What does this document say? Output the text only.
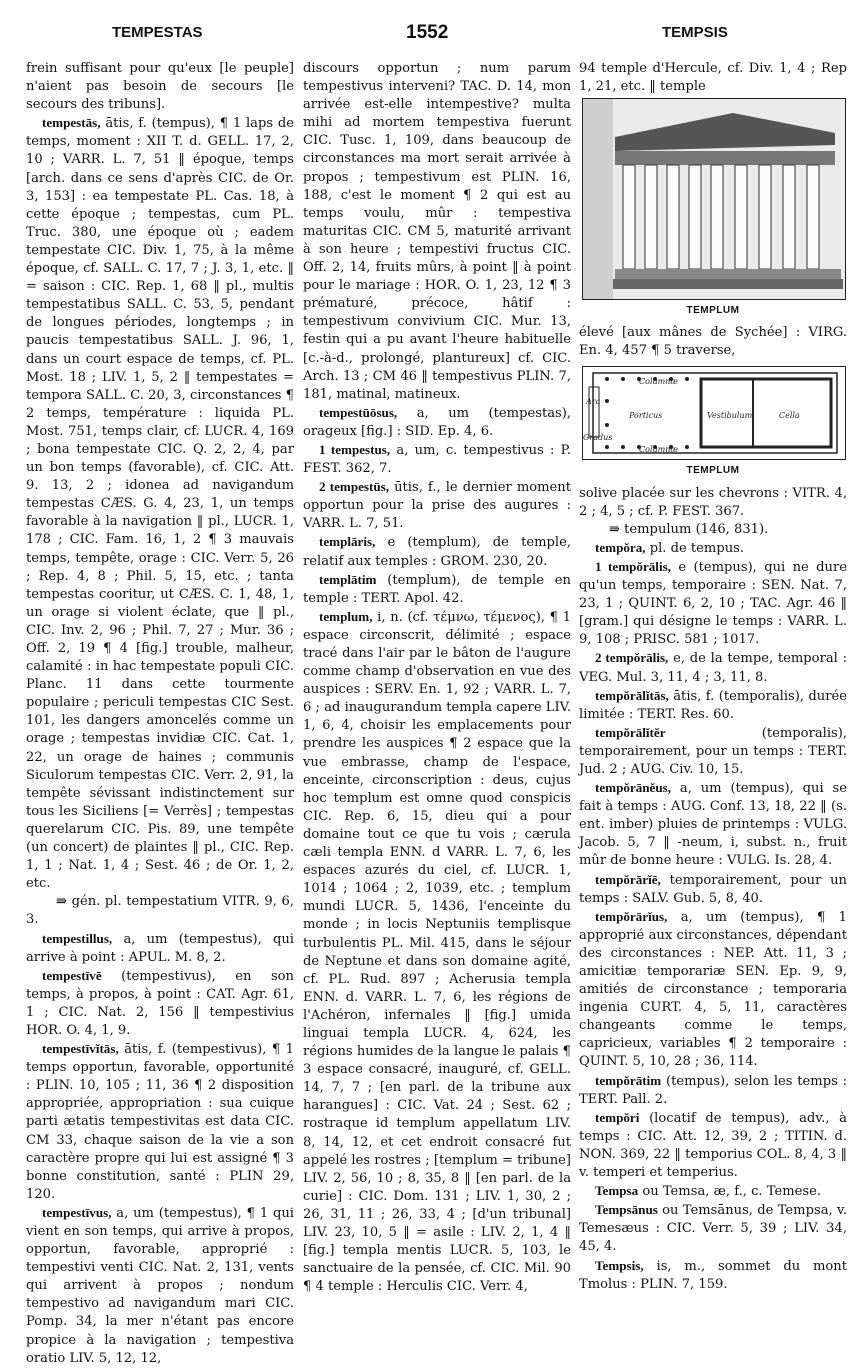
TEMPESTAS	1552	TEMPSIS

frein suffisant pour qu'eux [le peuple] n'aient pas besoin de secours [le secours des tribuns].

tempestās, ātis, f. (tempus), ¶ 1 laps de temps, moment : XII T. d. GELL. 17, 2, 10 ; VARR. L. 7, 51 ‖ époque, temps [arch. dans ce sens d'après CIC. de Or. 3, 153] : ea tempestate PL. Cas. 18, à cette époque ; tempestas, cum PL. Truc. 380, une époque où ; eadem tempestate CIC. Div. 1, 75, à la même époque, cf. SALL. C. 17, 7 ; J. 3, 1, etc. ‖ = saison : CIC. Rep. 1, 68 ‖ pl., multis tempestatibus SALL. C. 53, 5, pendant de longues périodes, longtemps ; in paucis tempestatibus SALL. J. 96, 1, dans un court espace de temps, cf. PL. Most. 18 ; LIV. 1, 5, 2 ‖ tempestates = tempora SALL. C. 20, 3, circonstances ¶ 2 temps, température : liquida PL. Most. 751, temps clair, cf. LUCR. 4, 169 ; bona tempestate CIC. Q. 2, 2, 4, par un bon temps (favorable), cf. CIC. Att. 9. 13, 2 ; idonea ad navigandum tempestas CÆS. G. 4, 23, 1, un temps favorable à la navigation ‖ pl., LUCR. 1, 178 ; CIC. Fam. 16, 1, 2 ¶ 3 mauvais temps, tempête, orage : CIC. Verr. 5, 26 ; Rep. 4, 8 ; Phil. 5, 15, etc. ; tanta tempestas cooritur, ut CÆS. C. 1, 48, 1, un orage si violent éclate, que ‖ pl., CIC. Inv. 2, 96 ; Phil. 7, 27 ; Mur. 36 ; Off. 2, 19 ¶ 4 [fig.] trouble, malheur, calamité : in hac tempestate populi CIC. Planc. 11 dans cette tourmente populaire ; periculi tempestas CIC Sest. 101, les dangers amoncelés comme un orage ; tempestas invidiæ CIC. Cat. 1, 22, un orage de haines ; communis Siculorum tempestas CIC. Verr. 2, 91, la tempête sévissant indistinctement sur tous les Siciliens [= Verrès] ; tempestas querelarum CIC. Pis. 89, une tempête (un concert) de plaintes ‖ pl., CIC. Rep. 1, 1 ; Nat. 1, 4 ; Sest. 46 ; de Or. 1, 2, etc.

⇛ gén. pl. tempestatium VITR. 9, 6, 3.

tempestillus, a, um (tempestus), qui arrive à point : APUL. M. 8, 2.

tempestīvē (tempestivus), en son temps, à propos, à point : CAT. Agr. 61, 1 ; CIC. Nat. 2, 156 ‖ tempestivius HOR. O. 4, 1, 9.

tempestīvĭtās, ātis, f. (tempestivus), ¶ 1 temps opportun, favorable, opportunité : PLIN. 10, 105 ; 11, 36 ¶ 2 disposition appropriée, appropriation : sua cuique parti ætatis tempestivitas est data CIC. CM 33, chaque saison de la vie a son caractère propre qui lui est assigné ¶ 3 bonne constitution, santé : PLIN 29, 120.

tempestīvus, a, um (tempestus), ¶ 1 qui vient en son temps, qui arrive à propos, opportun, favorable, approprié : tempestivi venti CIC. Nat. 2, 131, vents qui arrivent à propos ; nondum tempestivo ad navigandum mari CIC. Pomp. 34, la mer n'étant pas encore propice à la navigation ; tempestiva oratio LIV. 5, 12, 12,

discours opportun ; num parum tempestivus interveni? TAC. D. 14, mon arrivée est-elle intempestive? multa mihi ad mortem tempestiva fuerunt CIC. Tusc. 1, 109, dans beaucoup de circonstances ma mort serait arrivée à propos ; tempestivum est PLIN. 16, 188, c'est le moment ¶ 2 qui est au temps voulu, mûr : tempestiva maturitas CIC. CM 5, maturité arrivant à son heure ; tempestivi fructus CIC. Off. 2, 14, fruits mûrs, à point ‖ à point pour le mariage : HOR. O. 1, 23, 12 ¶ 3 prématuré, précoce, hâtif : tempestivum convivium CIC. Mur. 13, festin qui a pu avant l'heure habituelle [c.-à-d., prolongé, plantureux] cf. CIC. Arch. 13 ; CM 46 ‖ tempestivus PLIN. 7, 181, matinal, matineux.

tempestūōsus, a, um (tempestas), orageux [fig.] : SID. Ep. 4, 6.

1 tempestus, a, um, c. tempestivus : P. FEST. 362, 7.

2 tempestūs, ūtis, f., le dernier moment opportun pour la prise des augures : VARR. L. 7, 51.

templāris, e (templum), de temple, relatif aux temples : GROM. 230, 20.

templātim (templum), de temple en temple : TERT. Apol. 42.

templum, i, n. (cf. τέμνω, τέμενος), ¶ 1 espace circonscrit, délimité ; espace tracé dans l'air par le bâton de l'augure comme champ d'observation en vue des auspices : SERV. En. 1, 92 ; VARR. L. 7, 6 ; ad inaugurandum templa capere LIV. 1, 6, 4, choisir les emplacements pour prendre les auspices ¶ 2 espace que la vue embrasse, champ de l'espace, enceinte, circonscription : deus, cujus hoc templum est omne quod conspicis CIC. Rep. 6, 15, dieu qui a pour domaine tout ce que tu vois ; cærula cæli templa ENN. d VARR. L. 7, 6, les espaces azurés du ciel, cf. LUCR. 1, 1014 ; 1064 ; 2, 1039, etc. ; templum mundi LUCR. 5, 1436, l'enceinte du monde ; in locis Neptuniis templisque turbulentis PL. Mil. 415, dans le séjour de Neptune et dans son domaine agité, cf. PL. Rud. 897 ; Acherusia templa ENN. d. VARR. L. 7, 6, les régions de l'Achéron, infernales ‖ [fig.] umida linguai templa LUCR. 4, 624, les régions humides de la langue le palais ¶ 3 espace consacré, inauguré, cf. GELL. 14, 7, 7 ; [en parl. de la tribune aux harangues] : CIC. Vat. 24 ; Sest. 62 ; rostraque id templum appellatum LIV. 8, 14, 12, et cet endroit consacré fut appelé les rostres ; [templum = tribune] LIV. 2, 56, 10 ; 8, 35, 8 ‖ [en parl. de la curie] : CIC. Dom. 131 ; LIV. 1, 30, 2 ; 26, 31, 11 ; 26, 33, 4 ; [d'un tribunal] LIV. 23, 10, 5 ‖ = asile : LIV. 2, 1, 4 ‖ [fig.] templa mentis LUCR. 5, 103, le sanctuaire de la pensée, cf. CIC. Mil. 90 ¶ 4 temple : Herculis CIC. Verr. 4,

94 temple d'Hercule, cf. Div. 1, 4 ; Rep 1, 21, etc. ‖ temple

TEMPLUM

élevé [aux mânes de Sychée] : VIRG. En. 4, 457 ¶ 5 traverse,

Columnæ
Columnæ
Porticus	Vestibulum	Cella
Ara
Gradus
TEMPLUM

solive placée sur les chevrons : VITR. 4, 2 ; 4, 5 ; cf. P. FEST. 367.

⇛ tempulum (146, 831).

tempŏra, pl. de tempus.

1 tempŏrālis, e (tempus), qui ne dure qu'un temps, temporaire : SEN. Nat. 7, 23, 1 ; QUINT. 6, 2, 10 ; TAC. Agr. 46 ‖ [gram.] qui désigne le temps : VARR. L. 9, 108 ; PRISC. 581 ; 1017.

2 tempŏrālis, e, de la tempe, temporal : VEG. Mul. 3, 11, 4 ; 3, 11, 8.

tempŏrālĭtās, ātis, f. (temporalis), durée limitée : TERT. Res. 60.

tempŏrālĭtĕr	(temporalis), temporairement, pour un temps : TERT. Jud. 2 ; AUG. Civ. 10, 15.

tempŏrānĕus, a, um (tempus), qui se fait à temps : AUG. Conf. 13, 18, 22 ‖ (s. ent. imber) pluies de printemps : VULG. Jacob. 5, 7 ‖ -neum, i, subst. n., fruit mûr de bonne heure : VULG. Is. 28, 4.

tempŏrārĭē, temporairement, pour un temps : SALV. Gub. 5, 8, 40.

tempŏrārĭus, a, um (tempus), ¶ 1 approprié aux circonstances, dépendant des circonstances : NEP. Att. 11, 3 ; amicitiæ temporariæ SEN. Ep. 9, 9, amitiés de circonstance ; temporaria ingenia CURT. 4, 5, 11, caractères changeants comme le temps, capricieux, variables ¶ 2 temporaire : QUINT. 5, 10, 28 ; 36, 114.

tempŏrātim (tempus), selon les temps : TERT. Pall. 2.

tempŏri (locatif de tempus), adv., à temps : CIC. Att. 12, 39, 2 ; TITIN. d. NON. 369, 22 ‖ temporius COL. 8, 4, 3 ‖ v. temperi et temperius.

Tempsa ou Temsa, æ, f., c. Temese.

Tempsānus ou Temsānus, de Tempsa, v. Temesæus : CIC. Verr. 5, 39 ; LIV. 34, 45, 4.

Tempsis, is, m., sommet du mont Tmolus : PLIN. 7, 159.
